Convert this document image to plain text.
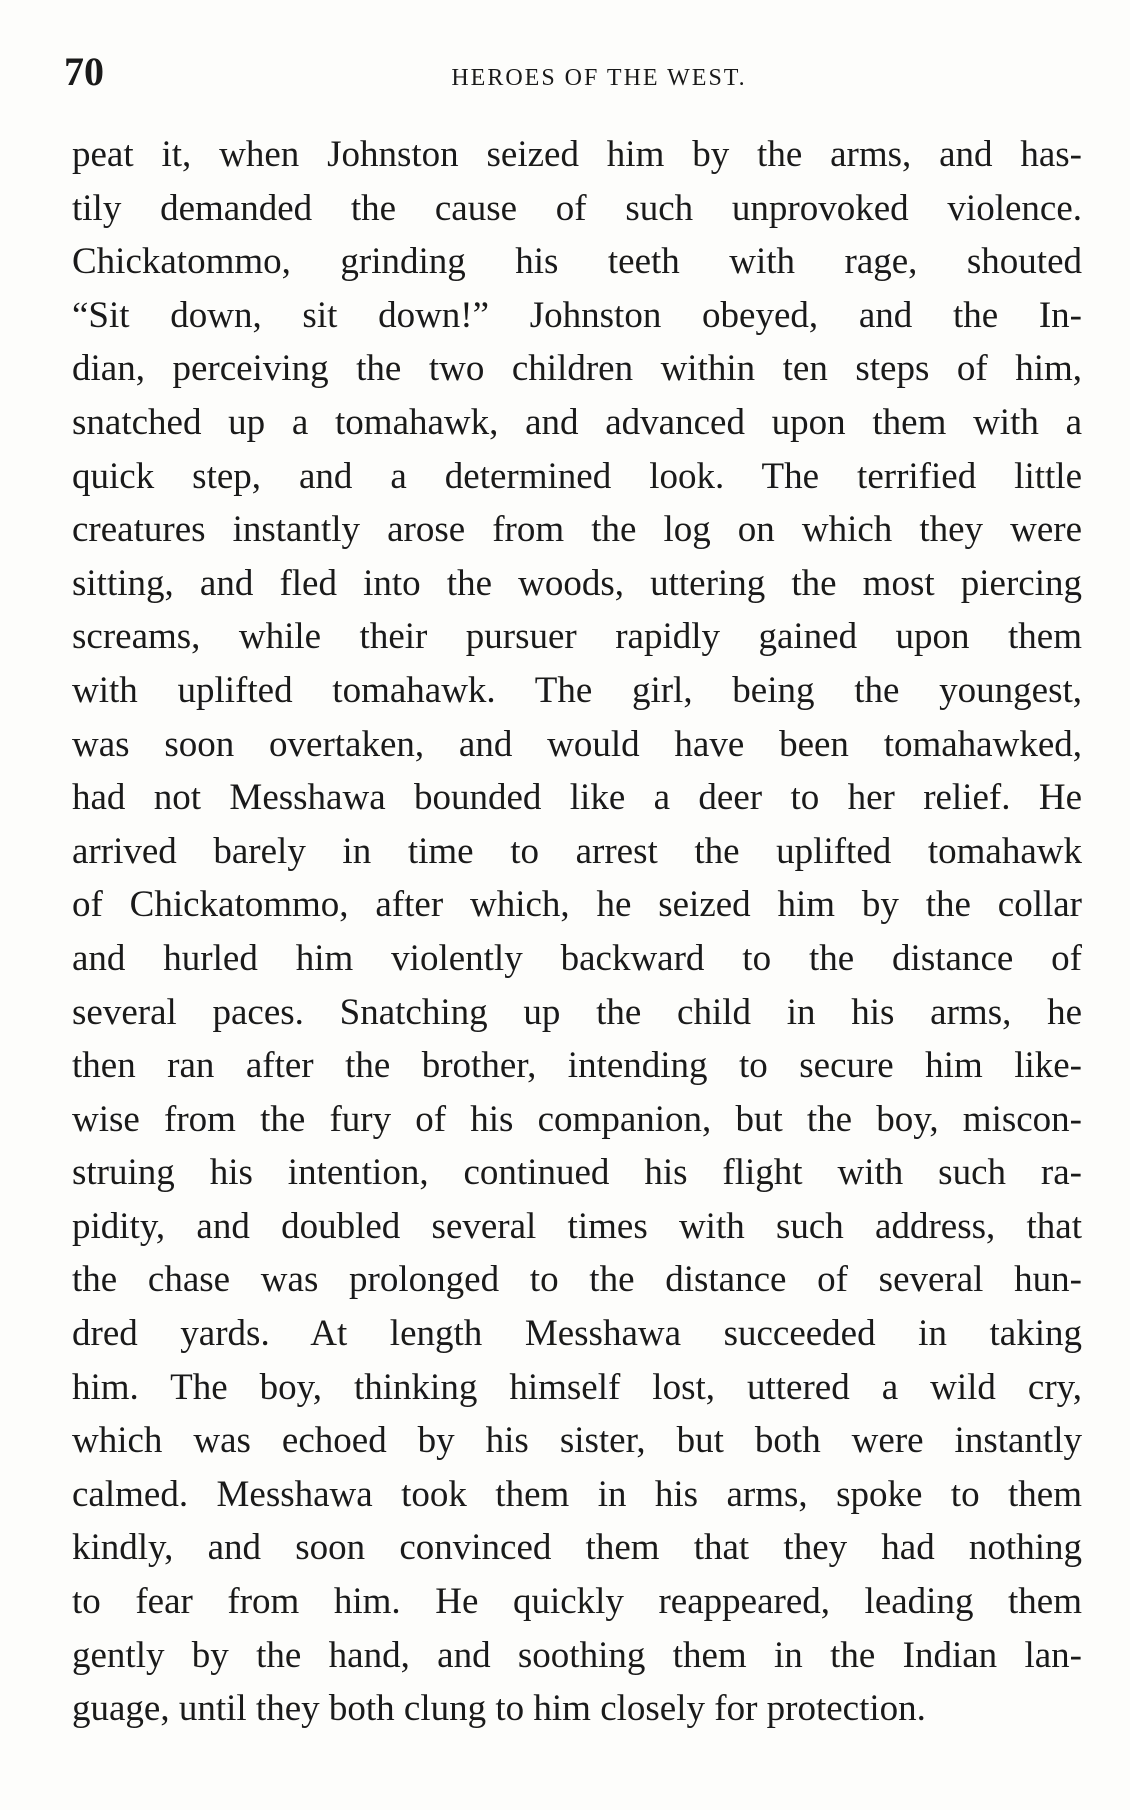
70	HEROES OF THE WEST.
peat it, when Johnston seized him by the arms, and has-
tily demanded the cause of such unprovoked violence.
Chickatommo, grinding his teeth with rage, shouted
“Sit down, sit down!” Johnston obeyed, and the In-
dian, perceiving the two children within ten steps of him,
snatched up a tomahawk, and advanced upon them with a
quick step, and a determined look. The terrified little
creatures instantly arose from the log on which they were
sitting, and fled into the woods, uttering the most piercing
screams, while their pursuer rapidly gained upon them
with uplifted tomahawk. The girl, being the youngest,
was soon overtaken, and would have been tomahawked,
had not Messhawa bounded like a deer to her relief. He
arrived barely in time to arrest the uplifted tomahawk
of Chickatommo, after which, he seized him by the collar
and hurled him violently backward to the distance of
several paces. Snatching up the child in his arms, he
then ran after the brother, intending to secure him like-
wise from the fury of his companion, but the boy, miscon-
struing his intention, continued his flight with such ra-
pidity, and doubled several times with such address, that
the chase was prolonged to the distance of several hun-
dred yards. At length Messhawa succeeded in taking
him. The boy, thinking himself lost, uttered a wild cry,
which was echoed by his sister, but both were instantly
calmed. Messhawa took them in his arms, spoke to them
kindly, and soon convinced them that they had nothing
to fear from him. He quickly reappeared, leading them
gently by the hand, and soothing them in the Indian lan-
guage, until they both clung to him closely for protection.
